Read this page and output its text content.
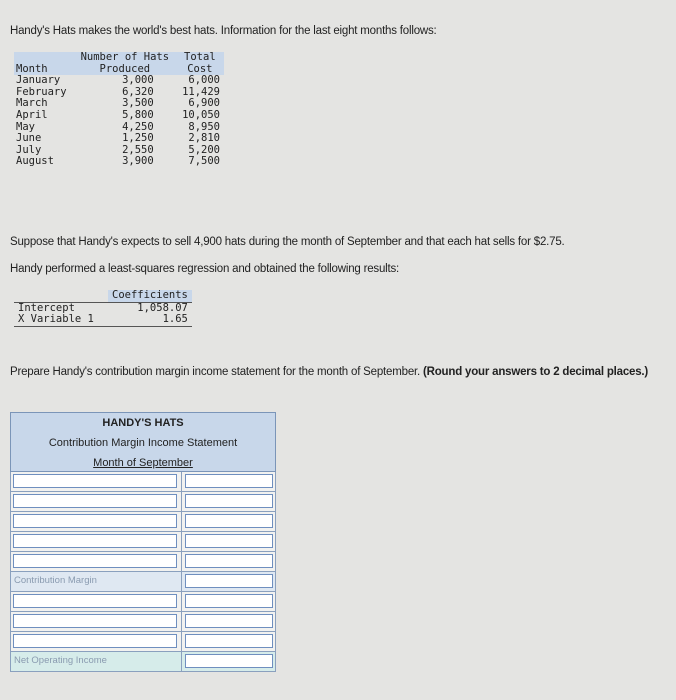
Handy's Hats makes the world's best hats. Information for the last eight months follows:
Month	Number of Hats	Total
	Produced	Cost
January	3,000	6,000
February	6,320	11,429
March	3,500	6,900
April	5,800	10,050
May	4,250	8,950
June	1,250	2,810
July	2,550	5,200
August	3,900	7,500
Suppose that Handy's expects to sell 4,900 hats during the month of September and that each hat sells for $2.75.
Handy performed a least-squares regression and obtained the following results:
	Coefficients
Intercept	1,058.07
X Variable 1	1.65
Prepare Handy's contribution margin income statement for the month of September. (Round your answers to 2 decimal places.)
HANDY'S HATS
Contribution Margin Income Statement
Month of September
Contribution Margin
Net Operating Income
